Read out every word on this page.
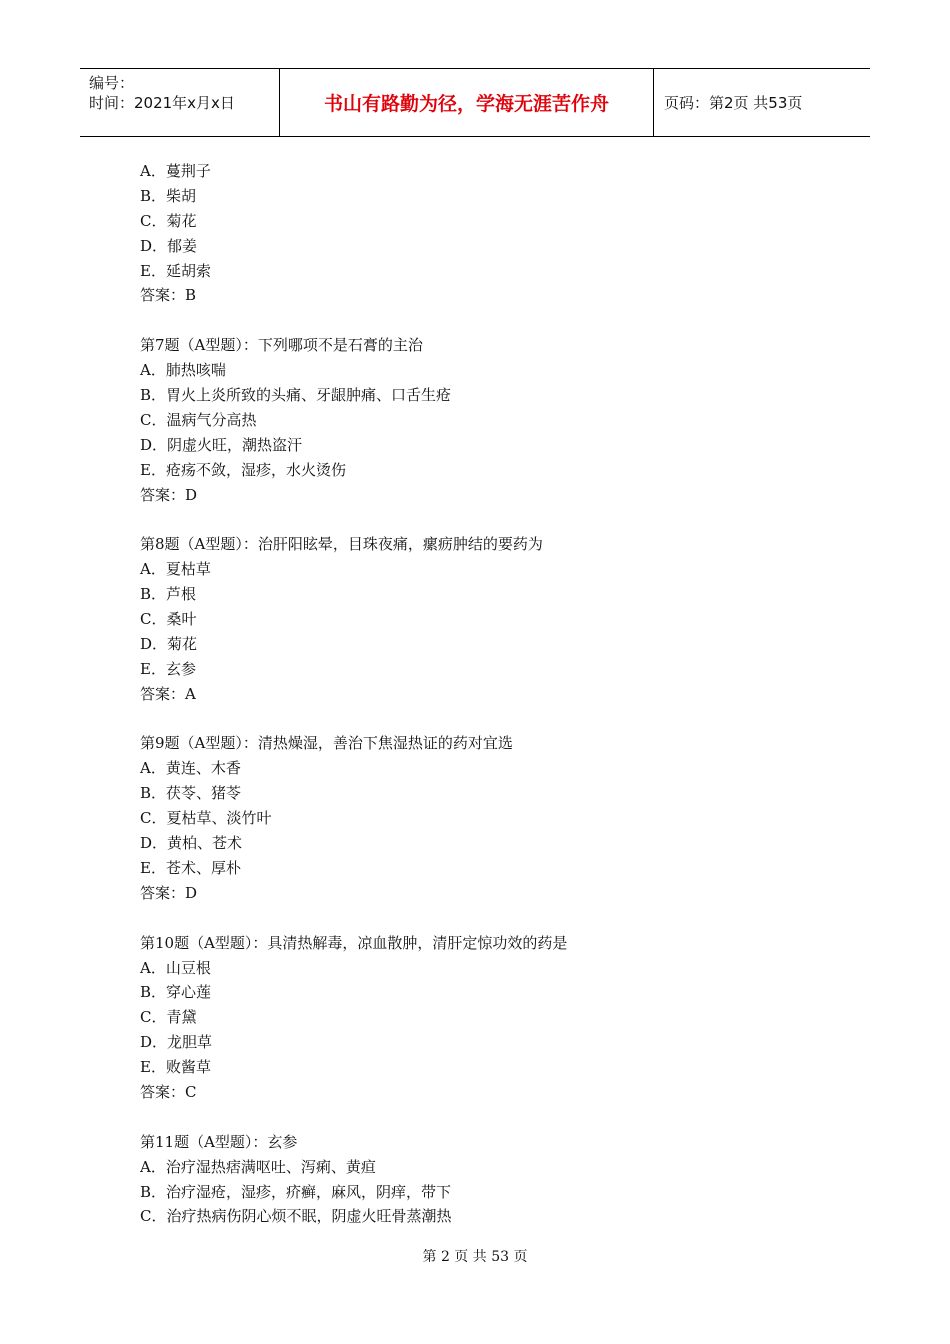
编号：
时间：2021年x月x日	书山有路勤为径，学海无涯苦作舟	页码：第2页 共53页
A．蔓荆子
B．柴胡
C．菊花
D．郁姜
E．延胡索
答案：B
第7题（A型题）：下列哪项不是石膏的主治
A．肺热咳喘
B．胃火上炎所致的头痛、牙龈肿痛、口舌生疮
C．温病气分高热
D．阴虚火旺，潮热盗汗
E．疮疡不敛，湿疹，水火烫伤
答案：D
第8题（A型题）：治肝阳眩晕，目珠夜痛，瘰疬肿结的要药为
A．夏枯草
B．芦根
C．桑叶
D．菊花
E．玄参
答案：A
第9题（A型题）：清热燥湿，善治下焦湿热证的药对宜选
A．黄连、木香
B．茯苓、猪苓
C．夏枯草、淡竹叶
D．黄柏、苍术
E．苍术、厚朴
答案：D
第10题（A型题）：具清热解毒，凉血散肿，清肝定惊功效的药是
A．山豆根
B．穿心莲
C．青黛
D．龙胆草
E．败酱草
答案：C
第11题（A型题）：玄参
A．治疗湿热痞满呕吐、泻痢、黄疸
B．治疗湿疮，湿疹，疥癣，麻风，阴痒，带下
C．治疗热病伤阴心烦不眠，阴虚火旺骨蒸潮热
第 2 页 共 53 页
